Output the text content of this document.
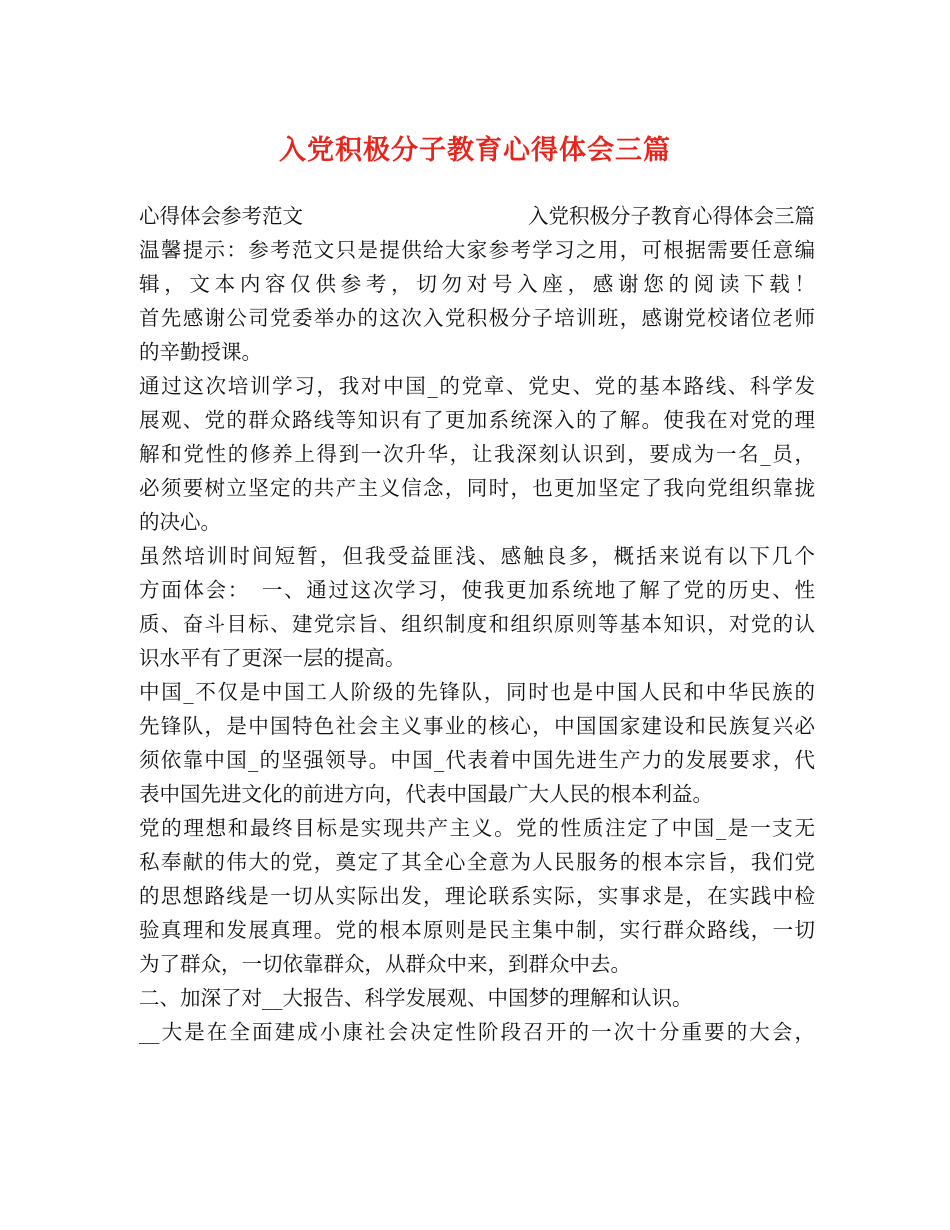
入党积极分子教育心得体会三篇
心得体会参考范文	入党积极分子教育心得体会三篇
温馨提示：参考范文只是提供给大家参考学习之用，可根据需要任意编
辑，文本内容仅供参考，切勿对号入座，感谢您的阅读下载！
首先感谢公司党委举办的这次入党积极分子培训班，感谢党校诸位老师
的辛勤授课。
通过这次培训学习，我对中国_的党章、党史、党的基本路线、科学发
展观、党的群众路线等知识有了更加系统深入的了解。使我在对党的理
解和党性的修养上得到一次升华，让我深刻认识到，要成为一名_员，
必须要树立坚定的共产主义信念，同时，也更加坚定了我向党组织靠拢
的决心。
虽然培训时间短暂，但我受益匪浅、感触良多，概括来说有以下几个
方面体会：　一、通过这次学习，使我更加系统地了解了党的历史、性
质、奋斗目标、建党宗旨、组织制度和组织原则等基本知识，对党的认
识水平有了更深一层的提高。
中国_不仅是中国工人阶级的先锋队，同时也是中国人民和中华民族的
先锋队，是中国特色社会主义事业的核心，中国国家建设和民族复兴必
须依靠中国_的坚强领导。中国_代表着中国先进生产力的发展要求，代
表中国先进文化的前进方向，代表中国最广大人民的根本利益。
党的理想和最终目标是实现共产主义。党的性质注定了中国_是一支无
私奉献的伟大的党，奠定了其全心全意为人民服务的根本宗旨，我们党
的思想路线是一切从实际出发，理论联系实际，实事求是，在实践中检
验真理和发展真理。党的根本原则是民主集中制，实行群众路线，一切
为了群众，一切依靠群众，从群众中来，到群众中去。
二、加深了对__大报告、科学发展观、中国梦的理解和认识。
__大是在全面建成小康社会决定性阶段召开的一次十分重要的大会，
